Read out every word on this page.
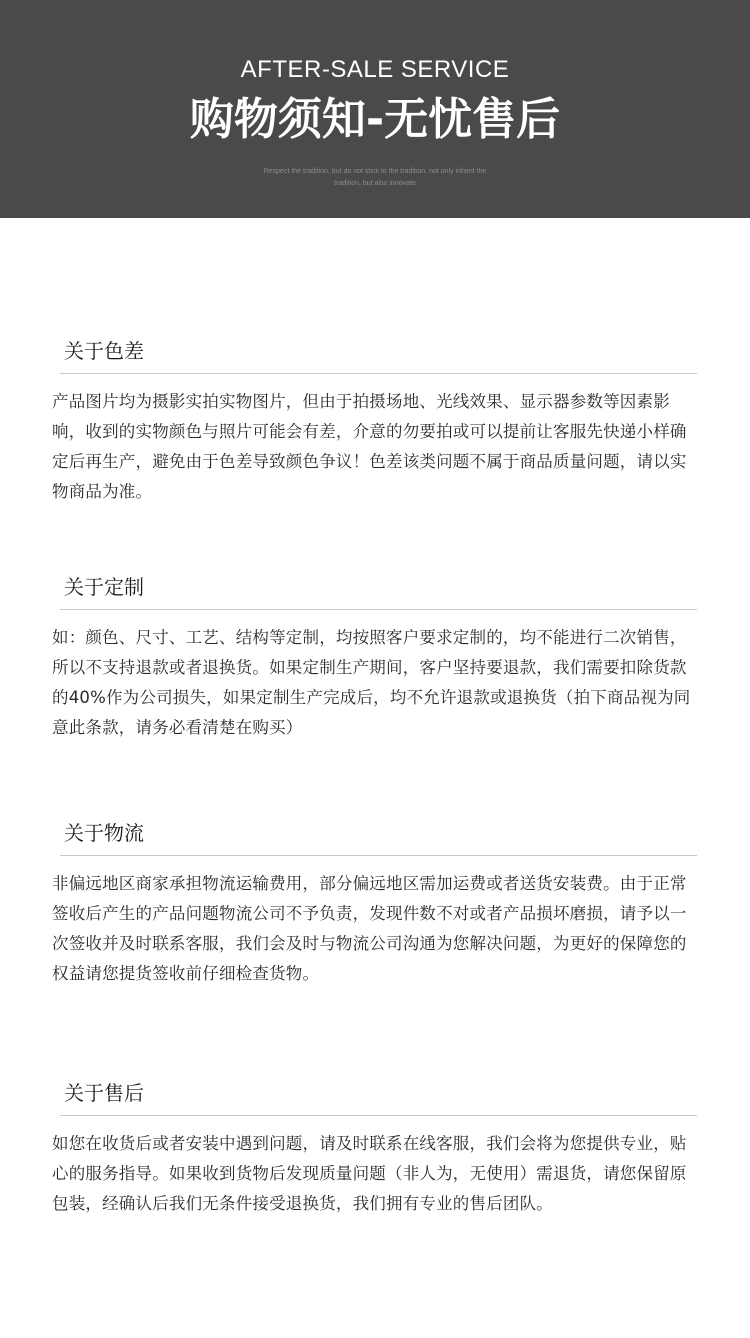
AFTER-SALE SERVICE
购物须知-无忧售后
Respect the tradition, but do not stick to the tradition, not only inherit the tradition, but also innovate
关于色差

产品图片均为摄影实拍实物图片，但由于拍摄场地、光线效果、显示器参数等因素影响，收到的实物颜色与照片可能会有差，介意的勿要拍或可以提前让客服先快递小样确定后再生产，避免由于色差导致颜色争议！色差该类问题不属于商品质量问题，请以实物商品为准。

关于定制

如：颜色、尺寸、工艺、结构等定制，均按照客户要求定制的，均不能进行二次销售，所以不支持退款或者退换货。如果定制生产期间，客户坚持要退款，我们需要扣除货款的40%作为公司损失，如果定制生产完成后，均不允许退款或退换货（拍下商品视为同意此条款，请务必看清楚在购买）

关于物流

非偏远地区商家承担物流运输费用，部分偏远地区需加运费或者送货安装费。由于正常签收后产生的产品问题物流公司不予负责，发现件数不对或者产品损坏磨损，请予以一次签收并及时联系客服，我们会及时与物流公司沟通为您解决问题，为更好的保障您的权益请您提货签收前仔细检查货物。

关于售后

如您在收货后或者安装中遇到问题，请及时联系在线客服，我们会将为您提供专业，贴心的服务指导。如果收到货物后发现质量问题（非人为，无使用）需退货，请您保留原包装，经确认后我们无条件接受退换货，我们拥有专业的售后团队。
